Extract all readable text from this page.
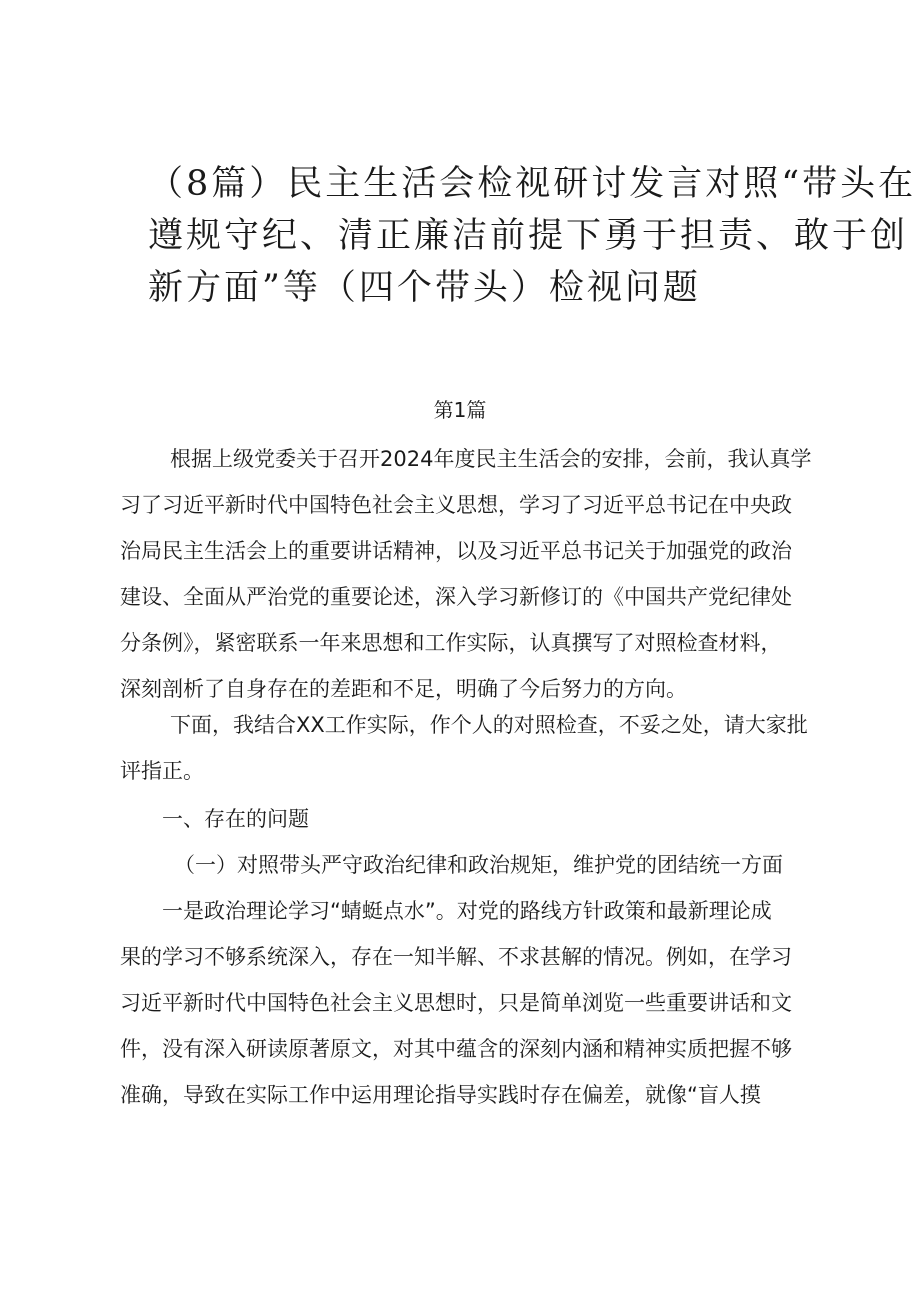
（8篇）民主生活会检视研讨发言对照“带头在
遵规守纪、清正廉洁前提下勇于担责、敢于创
新方面”等（四个带头）检视问题
第1篇
根据上级党委关于召开2024年度民主生活会的安排，会前，我认真学
习了习近平新时代中国特色社会主义思想，学习了习近平总书记在中央政
治局民主生活会上的重要讲话精神，以及习近平总书记关于加强党的政治
建设、全面从严治党的重要论述，深入学习新修订的《中国共产党纪律处
分条例》，紧密联系一年来思想和工作实际，认真撰写了对照检查材料，
深刻剖析了自身存在的差距和不足，明确了今后努力的方向。
下面，我结合XX工作实际，作个人的对照检查，不妥之处，请大家批
评指正。
一、存在的问题
（一）对照带头严守政治纪律和政治规矩，维护党的团结统一方面
一是政治理论学习“蜻蜓点水”。对党的路线方针政策和最新理论成
果的学习不够系统深入，存在一知半解、不求甚解的情况。例如，在学习
习近平新时代中国特色社会主义思想时，只是简单浏览一些重要讲话和文
件，没有深入研读原著原文，对其中蕴含的深刻内涵和精神实质把握不够
准确，导致在实际工作中运用理论指导实践时存在偏差，就像“盲人摸
